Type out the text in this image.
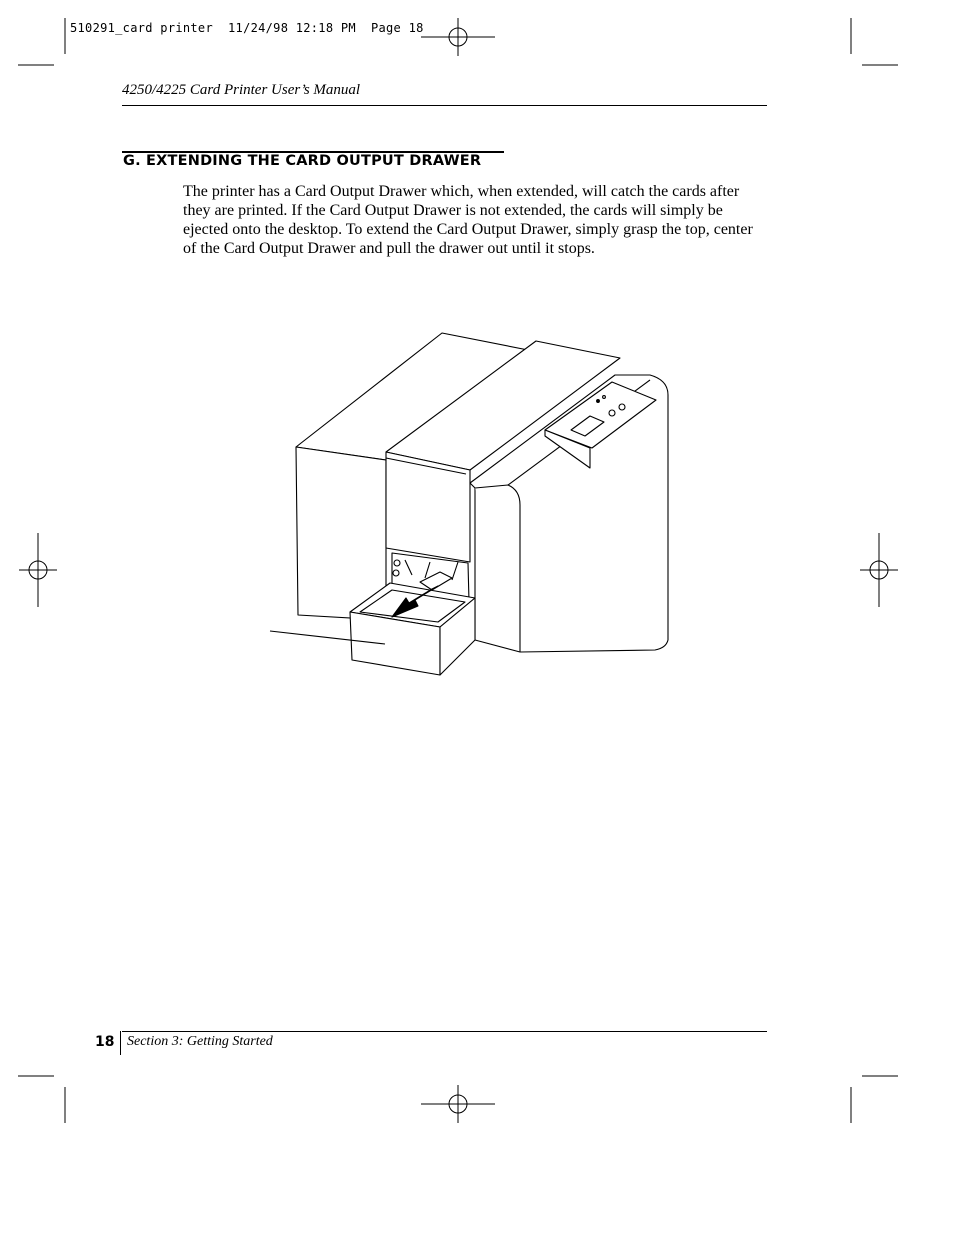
510291_card printer  11/24/98 12:18 PM  Page 18
4250/4225 Card Printer User’s Manual
G. EXTENDING THE CARD OUTPUT DRAWER
The printer has a Card Output Drawer which, when extended, will catch the cards after they are printed. If the Card Output Drawer is not extended, the cards will simply be ejected onto the desktop. To extend the Card Output Drawer, simply grasp the top, center of the Card Output Drawer and pull the drawer out until it stops.
18 Section 3: Getting Started
